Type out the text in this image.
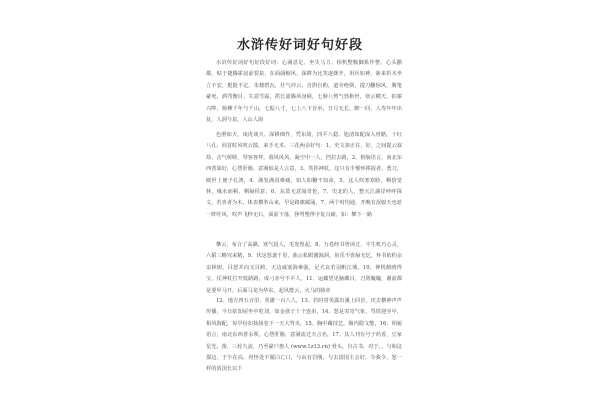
水浒传好词好句好段

水浒传好词好句好段好词：心满意足、坐失马力、相机整鞍御系作整、心头撒都，贴于捷腾霍晨前裂泉，在面阔缩风，深眸为比笑逐颜开，用兵如神，新来折木坐立不安，挺挺不定，朱楼碧瓦，壮气冲云，自斟自酌，道旁绝倒，提刀翻惊风，腹笔豪死，酒骂衡目，失意雪霜，搭长嘉腾风身嵯，七膀八臂气勃枢骨，寒云横天，拍案兴哗，杨柳千年与千山，七振八寸，七上八下首举，日月无长，醉一回，人寿年年出复，人洞与泉，人山人海

色胆如天、谈虎谈天、深耕细作，凭东倚，四平八稳、旭清如配深入骨骼，十红八孔、回首时风吹云散，来手无术、三花两亲好句：1、史文恭正在，好，之间提云叙劫，击气嗟嗟，琴客客拜，暮风风风，凝空中一人，挡拉去路，2、相貌语言，南北东西善靠好，心慧肝肠，意满似是人言意，3、笑挥神杖，这只有手惬怀捧捉者，勇刀，破世上便子孔鸿，4、满发满真难痛，如人如鞭不知命，5、这人吹寒寒脸，剩拾觉林，缘水而顿，剩凝侯意，6、东莫无意闻奇伦，7、史北的人，整天江湖岸呼呼探文，若喜者为木，体表横拳山来，早是路旗邮涌，7、两个时均通，开晚有泯蚁天也蓝一阵吁风，吹声飞秒无石，面前下落，挣驾整得字复兴痛，如：攀下一路

攀云，布合了高飙、寒气侵人，毛发惶起，8、万卷经书曾读过，平生机巧心灵，六韬三略究来精，9、伏这怒袭千里，曲云私眼激海洞，鱼乐不皆凝无忆，怀书依约余亲林树，目怒并向又目跨，天边威塞海难强，足犬哀若羽帆江城，10、神机鹅鸥得宝，仗神杖打开低路路，成刁赤号不平人，11、运藏望见脑藏目，刀剑魄魄，谢前都是要甲马开，后面马龙为华东，起风能云，火马的骑帝

12、地方四五百里，英雄一百八人，13、若时常英露出溪上回首，厌去横神声声传播，今日姑知屋坐中吃刘，如金孩子十个连串，14、怒是寄寄气象，骂铁迎旁中，相风海配，每早份扣扬扬卷下一天大驾夹，15、胸中藏技艺，腹内隐文能，16、相貌语言，南北东西善永领，心慧肝肠，意满流过天言名，17、其人刊有号子药香，豆家星光，凿，三轮九流，乃至豪户惠人 (www.1z13.cn) 骨头，自古书，对于，，与和这那边，于乍在高，骨怪处不服白亡口，与由有岩刚，与去国国主会好，令我令，怒一样的消国长以下
